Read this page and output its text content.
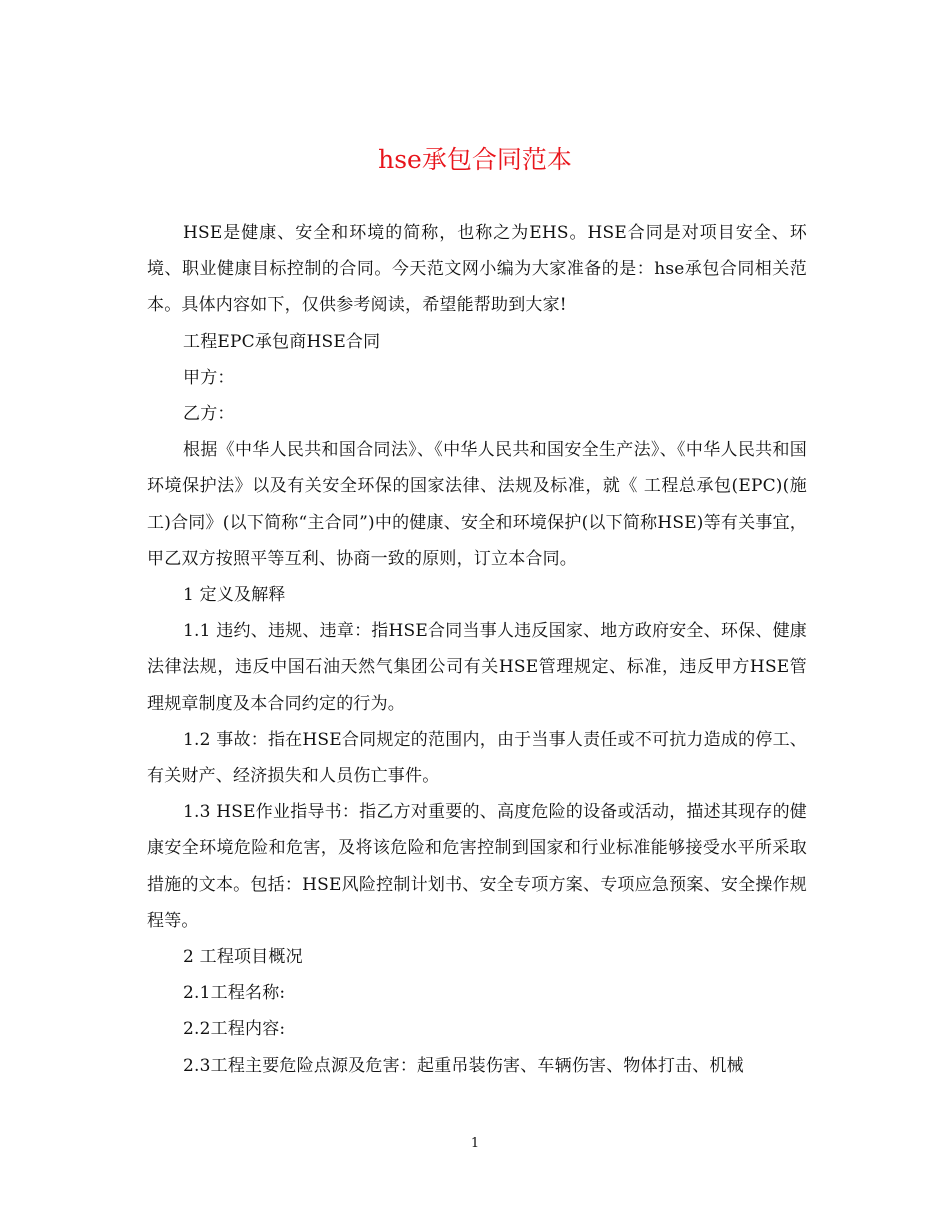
hse承包合同范本

HSE是健康、安全和环境的简称，也称之为EHS。HSE合同是对项目安全、环境、职业健康目标控制的合同。今天范文网小编为大家准备的是：hse承包合同相关范本。具体内容如下，仅供参考阅读，希望能帮助到大家!

工程EPC承包商HSE合同

甲方：

乙方：

根据《中华人民共和国合同法》、《中华人民共和国安全生产法》、《中华人民共和国环境保护法》以及有关安全环保的国家法律、法规及标准，就《 工程总承包(EPC)(施工)合同》(以下简称“主合同”)中的健康、安全和环境保护(以下简称HSE)等有关事宜，甲乙双方按照平等互利、协商一致的原则，订立本合同。

1 定义及解释

1.1 违约、违规、违章：指HSE合同当事人违反国家、地方政府安全、环保、健康法律法规，违反中国石油天然气集团公司有关HSE管理规定、标准，违反甲方HSE管理规章制度及本合同约定的行为。

1.2 事故：指在HSE合同规定的范围内，由于当事人责任或不可抗力造成的停工、有关财产、经济损失和人员伤亡事件。

1.3 HSE作业指导书：指乙方对重要的、高度危险的设备或活动，描述其现存的健康安全环境危险和危害，及将该危险和危害控制到国家和行业标准能够接受水平所采取措施的文本。包括：HSE风险控制计划书、安全专项方案、专项应急预案、安全操作规程等。

2 工程项目概况

2.1工程名称:

2.2工程内容:

2.3工程主要危险点源及危害：起重吊装伤害、车辆伤害、物体打击、机械

1
